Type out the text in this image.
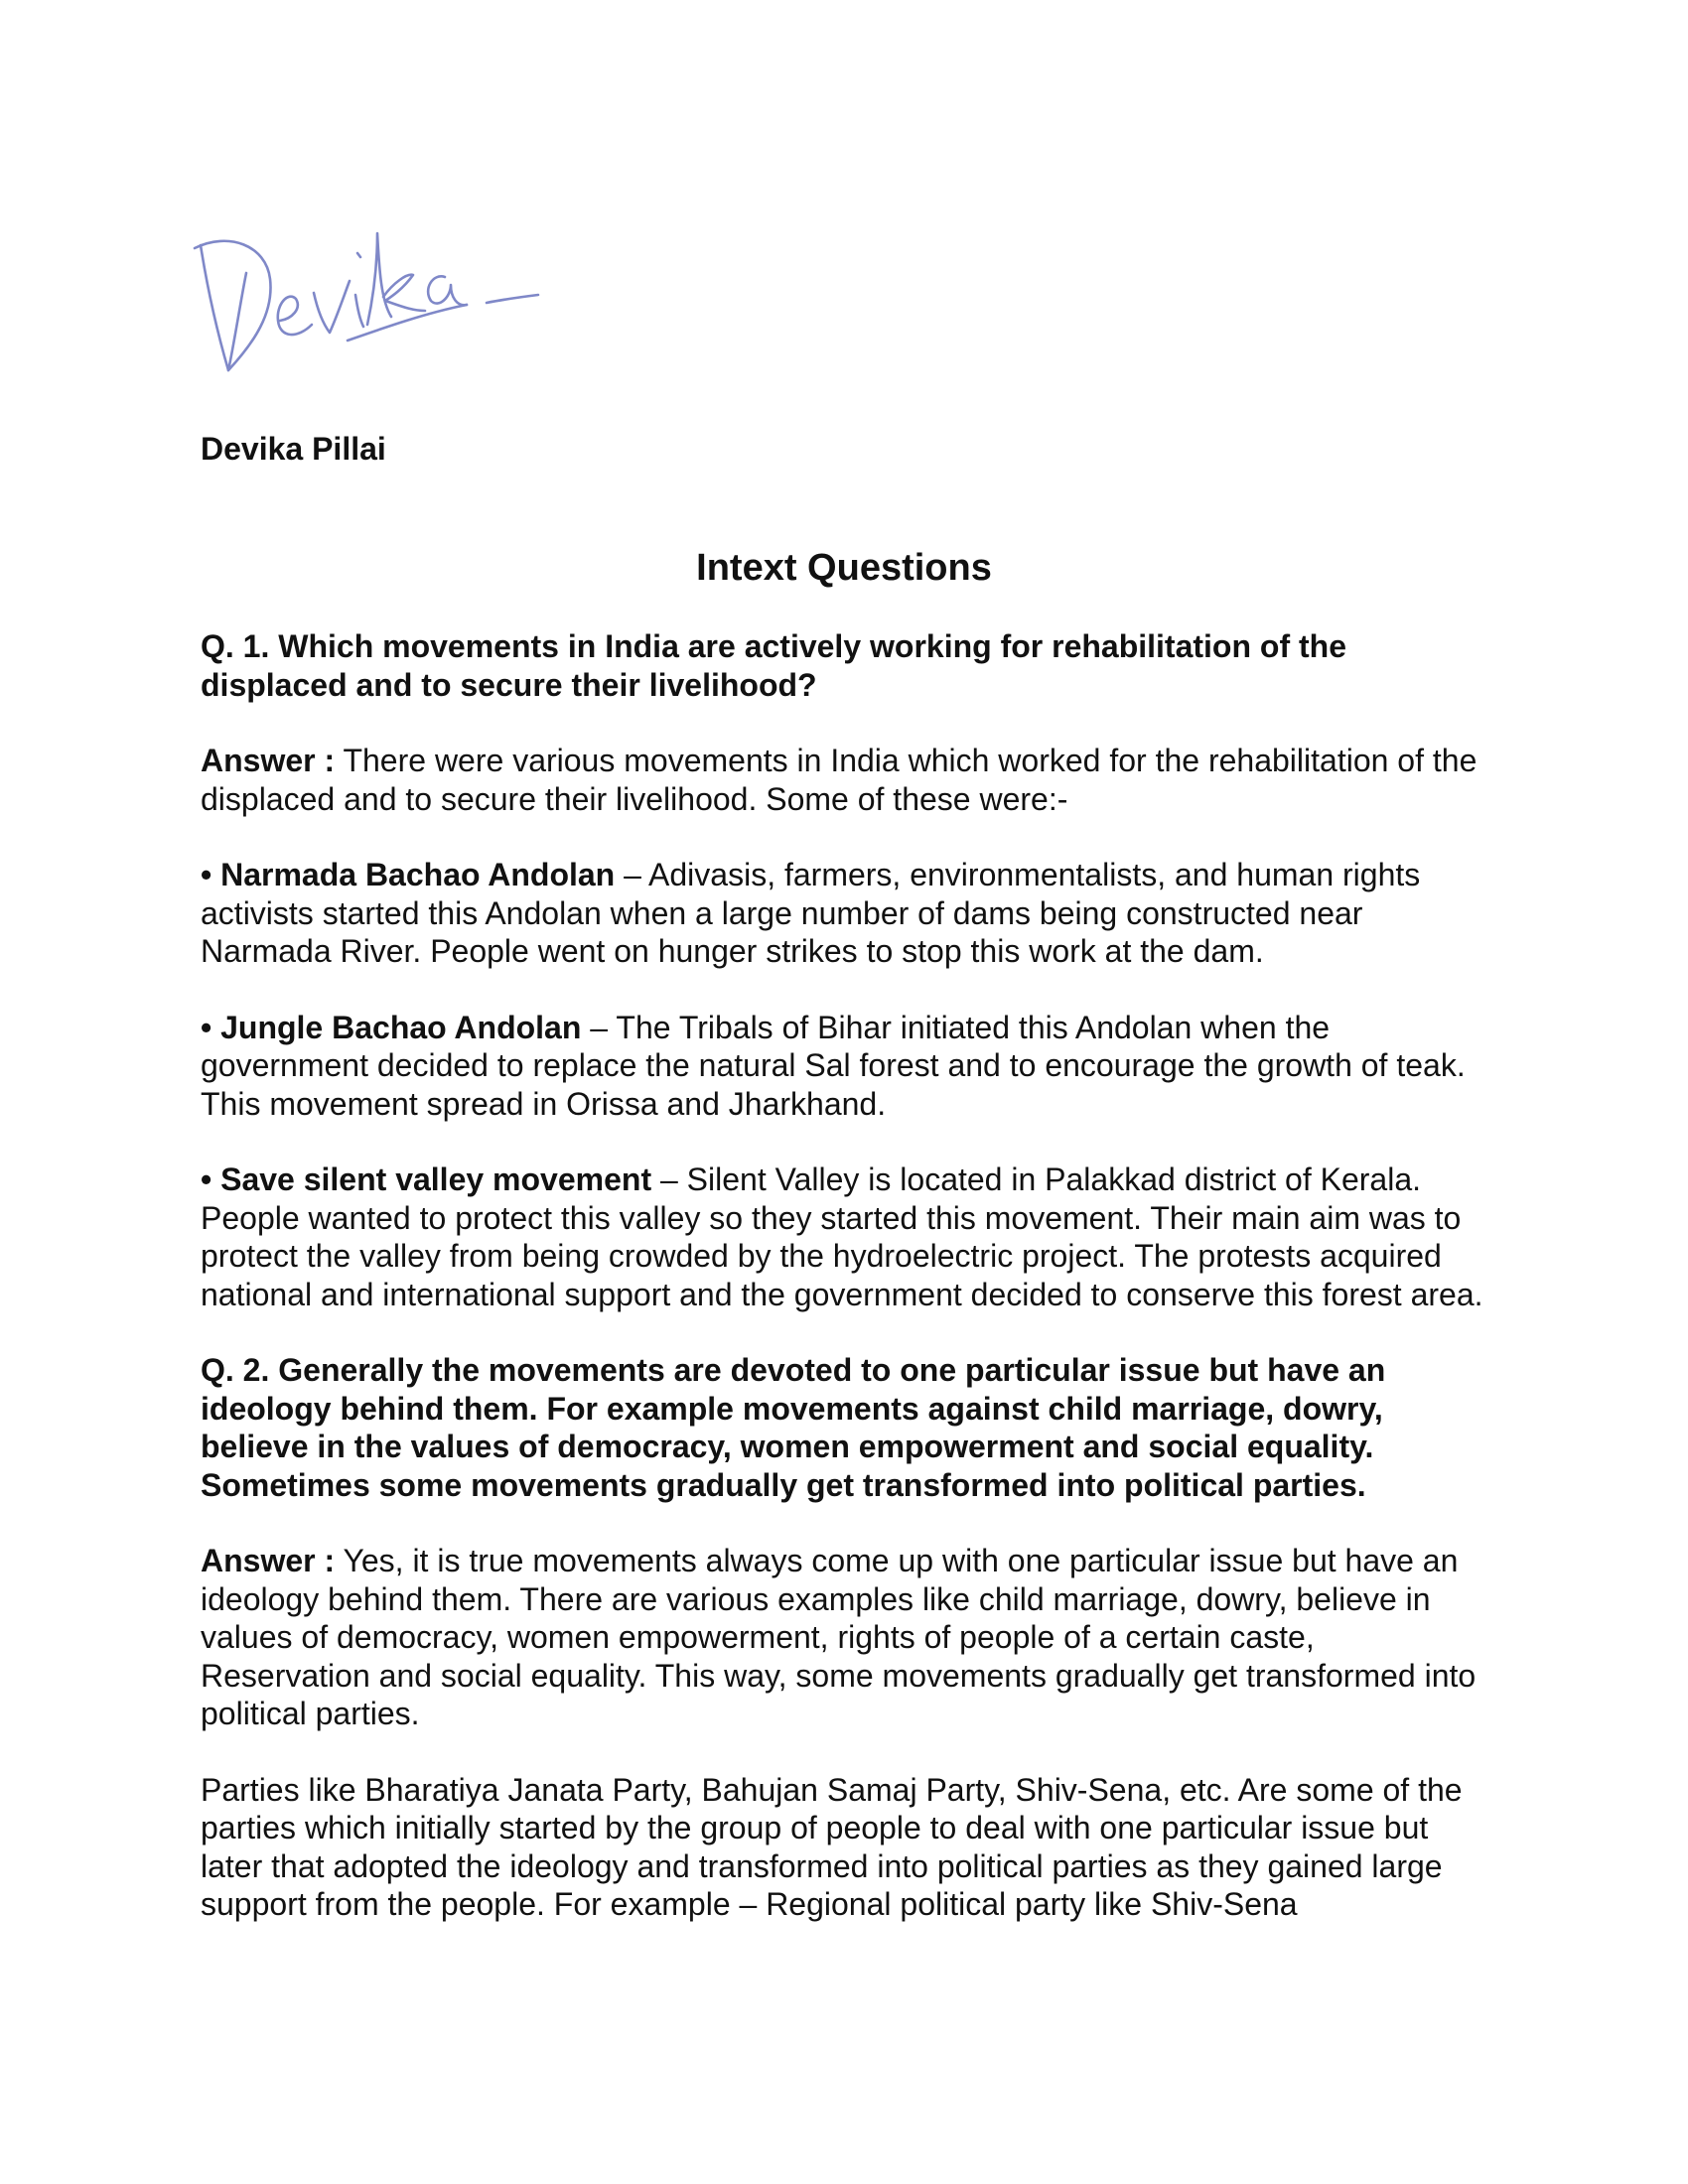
Devika Pillai

Intext Questions

Q. 1. Which movements in India are actively working for rehabilitation of the displaced and to secure their livelihood?

Answer : There were various movements in India which worked for the rehabilitation of the displaced and to secure their livelihood. Some of these were:-

• Narmada Bachao Andolan – Adivasis, farmers, environmentalists, and human rights activists started this Andolan when a large number of dams being constructed near Narmada River. People went on hunger strikes to stop this work at the dam.

• Jungle Bachao Andolan – The Tribals of Bihar initiated this Andolan when the government decided to replace the natural Sal forest and to encourage the growth of teak. This movement spread in Orissa and Jharkhand.

• Save silent valley movement – Silent Valley is located in Palakkad district of Kerala. People wanted to protect this valley so they started this movement. Their main aim was to protect the valley from being crowded by the hydroelectric project. The protests acquired national and international support and the government decided to conserve this forest area.

Q. 2. Generally the movements are devoted to one particular issue but have an ideology behind them. For example movements against child marriage, dowry, believe in the values of democracy, women empowerment and social equality. Sometimes some movements gradually get transformed into political parties.

Answer : Yes, it is true movements always come up with one particular issue but have an ideology behind them. There are various examples like child marriage, dowry, believe in values of democracy, women empowerment, rights of people of a certain caste, Reservation and social equality. This way, some movements gradually get transformed into political parties.

Parties like Bharatiya Janata Party, Bahujan Samaj Party, Shiv-Sena, etc. Are some of the parties which initially started by the group of people to deal with one particular issue but later that adopted the ideology and transformed into political parties as they gained large support from the people. For example – Regional political party like Shiv-Sena
